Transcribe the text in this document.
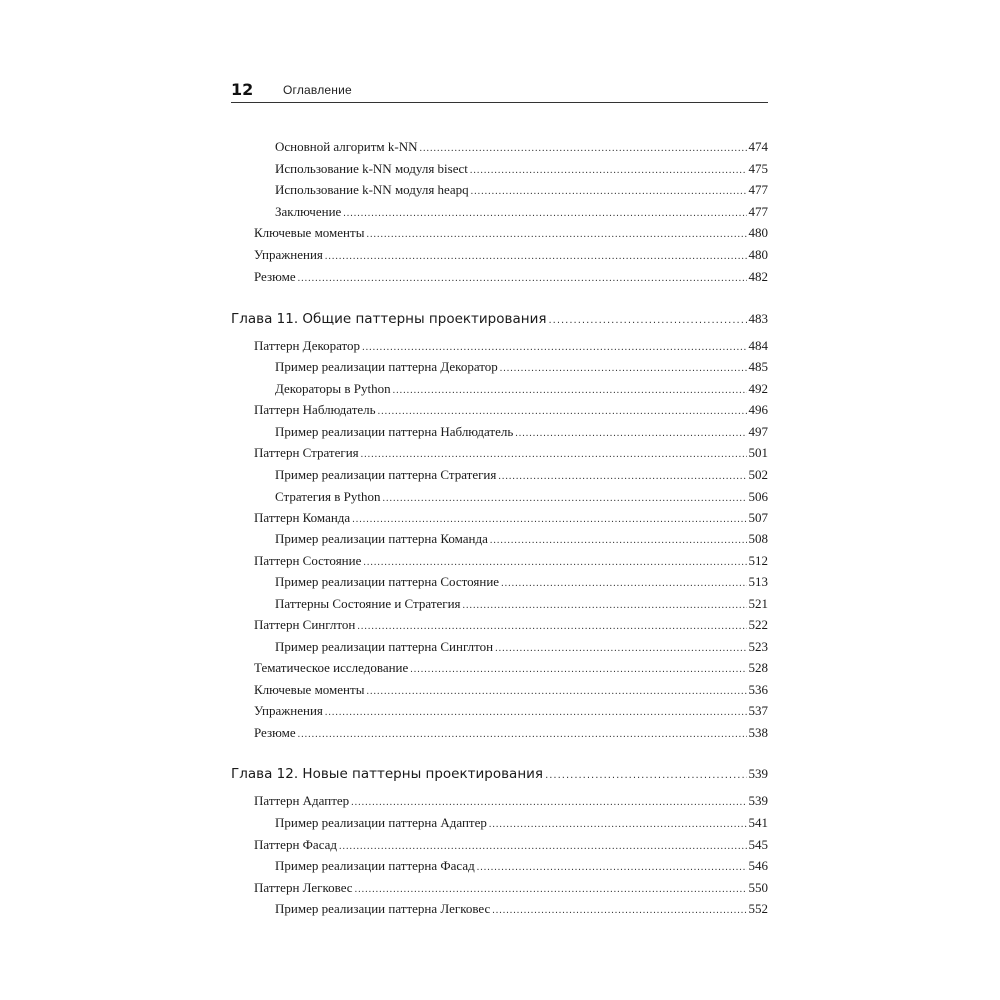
12 Оглавление
Основной алгоритм k-NN .....	474
Использование k-NN модуля bisect .....	475
Использование k-NN модуля heapq .....	477
Заключение .....	477
Ключевые моменты .....	480
Упражнения .....	480
Резюме .....	482
Глава 11. Общие паттерны проектирования .....	483
Паттерн Декоратор .....	484
Пример реализации паттерна Декоратор .....	485
Декораторы в Python .....	492
Паттерн Наблюдатель .....	496
Пример реализации паттерна Наблюдатель .....	497
Паттерн Стратегия .....	501
Пример реализации паттерна Стратегия .....	502
Стратегия в Python .....	506
Паттерн Команда .....	507
Пример реализации паттерна Команда .....	508
Паттерн Состояние .....	512
Пример реализации паттерна Состояние .....	513
Паттерны Состояние и Стратегия .....	521
Паттерн Синглтон .....	522
Пример реализации паттерна Синглтон .....	523
Тематическое исследование .....	528
Ключевые моменты .....	536
Упражнения .....	537
Резюме .....	538
Глава 12. Новые паттерны проектирования .....	539
Паттерн Адаптер .....	539
Пример реализации паттерна Адаптер .....	541
Паттерн Фасад .....	545
Пример реализации паттерна Фасад .....	546
Паттерн Легковес .....	550
Пример реализации паттерна Легковес .....	552
